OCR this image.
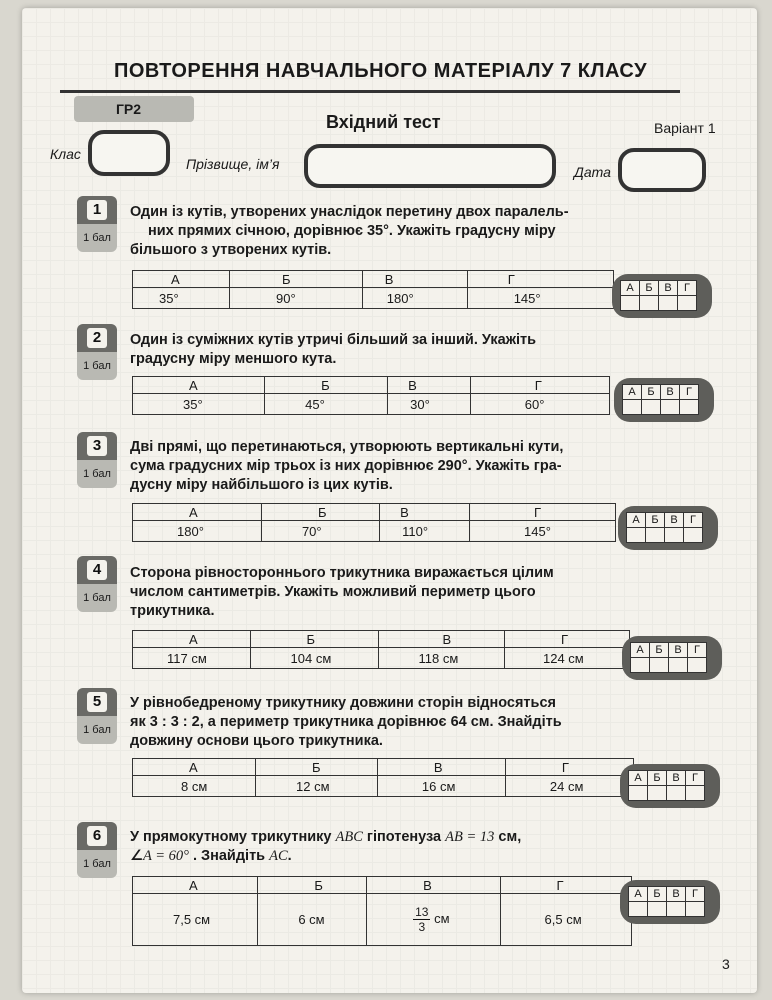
ПОВТОРЕННЯ НАВЧАЛЬНОГО МАТЕРІАЛУ 7 КЛАСУ
ГР2
Вхідний тест	Варіант 1
Клас
Прізвище, ім’я	Дата
1
1 бал
Один із кутів, утворених унаслідок перетину двох паралель-
них прямих січною, дорівнює 35°. Укажіть градусну міру
більшого з утворених кутів.
А	Б	В	Г
35°	90°	180°	145°
А	Б	В	Г

2
1 бал
Один із суміжних кутів утричі більший за інший. Укажіть
градусну міру меншого кута.
А	Б	В	Г
35°	45°	30°	60°
А	Б	В	Г

3
1 бал
Дві прямі, що перетинаються, утворюють вертикальні кути,
сума градусних мір трьох із них дорівнює 290°. Укажіть гра-
дусну міру найбільшого із цих кутів.
А	Б	В	Г
180°	70°	110°	145°
А	Б	В	Г

4
1 бал
Сторона рівностороннього трикутника виражається цілим
числом сантиметрів. Укажіть можливий периметр цього
трикутника.
А	Б	В	Г
117 см	104 см	118 см	124 см
А	Б	В	Г

5
1 бал
У рівнобедреному трикутнику довжини сторін відносяться
як 3 : 3 : 2, а периметр трикутника дорівнює 64 см. Знайдіть
довжину основи цього трикутника.
А	Б	В	Г
8 см	12 см	16 см	24 см
А	Б	В	Г

6
1 бал
У прямокутному трикутнику ABC гіпотенуза AB = 13 см,
∠A = 60° . Знайдіть AC.
А	Б	В	Г
7,5 см	6 см	$\frac{13}{3}$ см	6,5 см
А	Б	В	Г

3
